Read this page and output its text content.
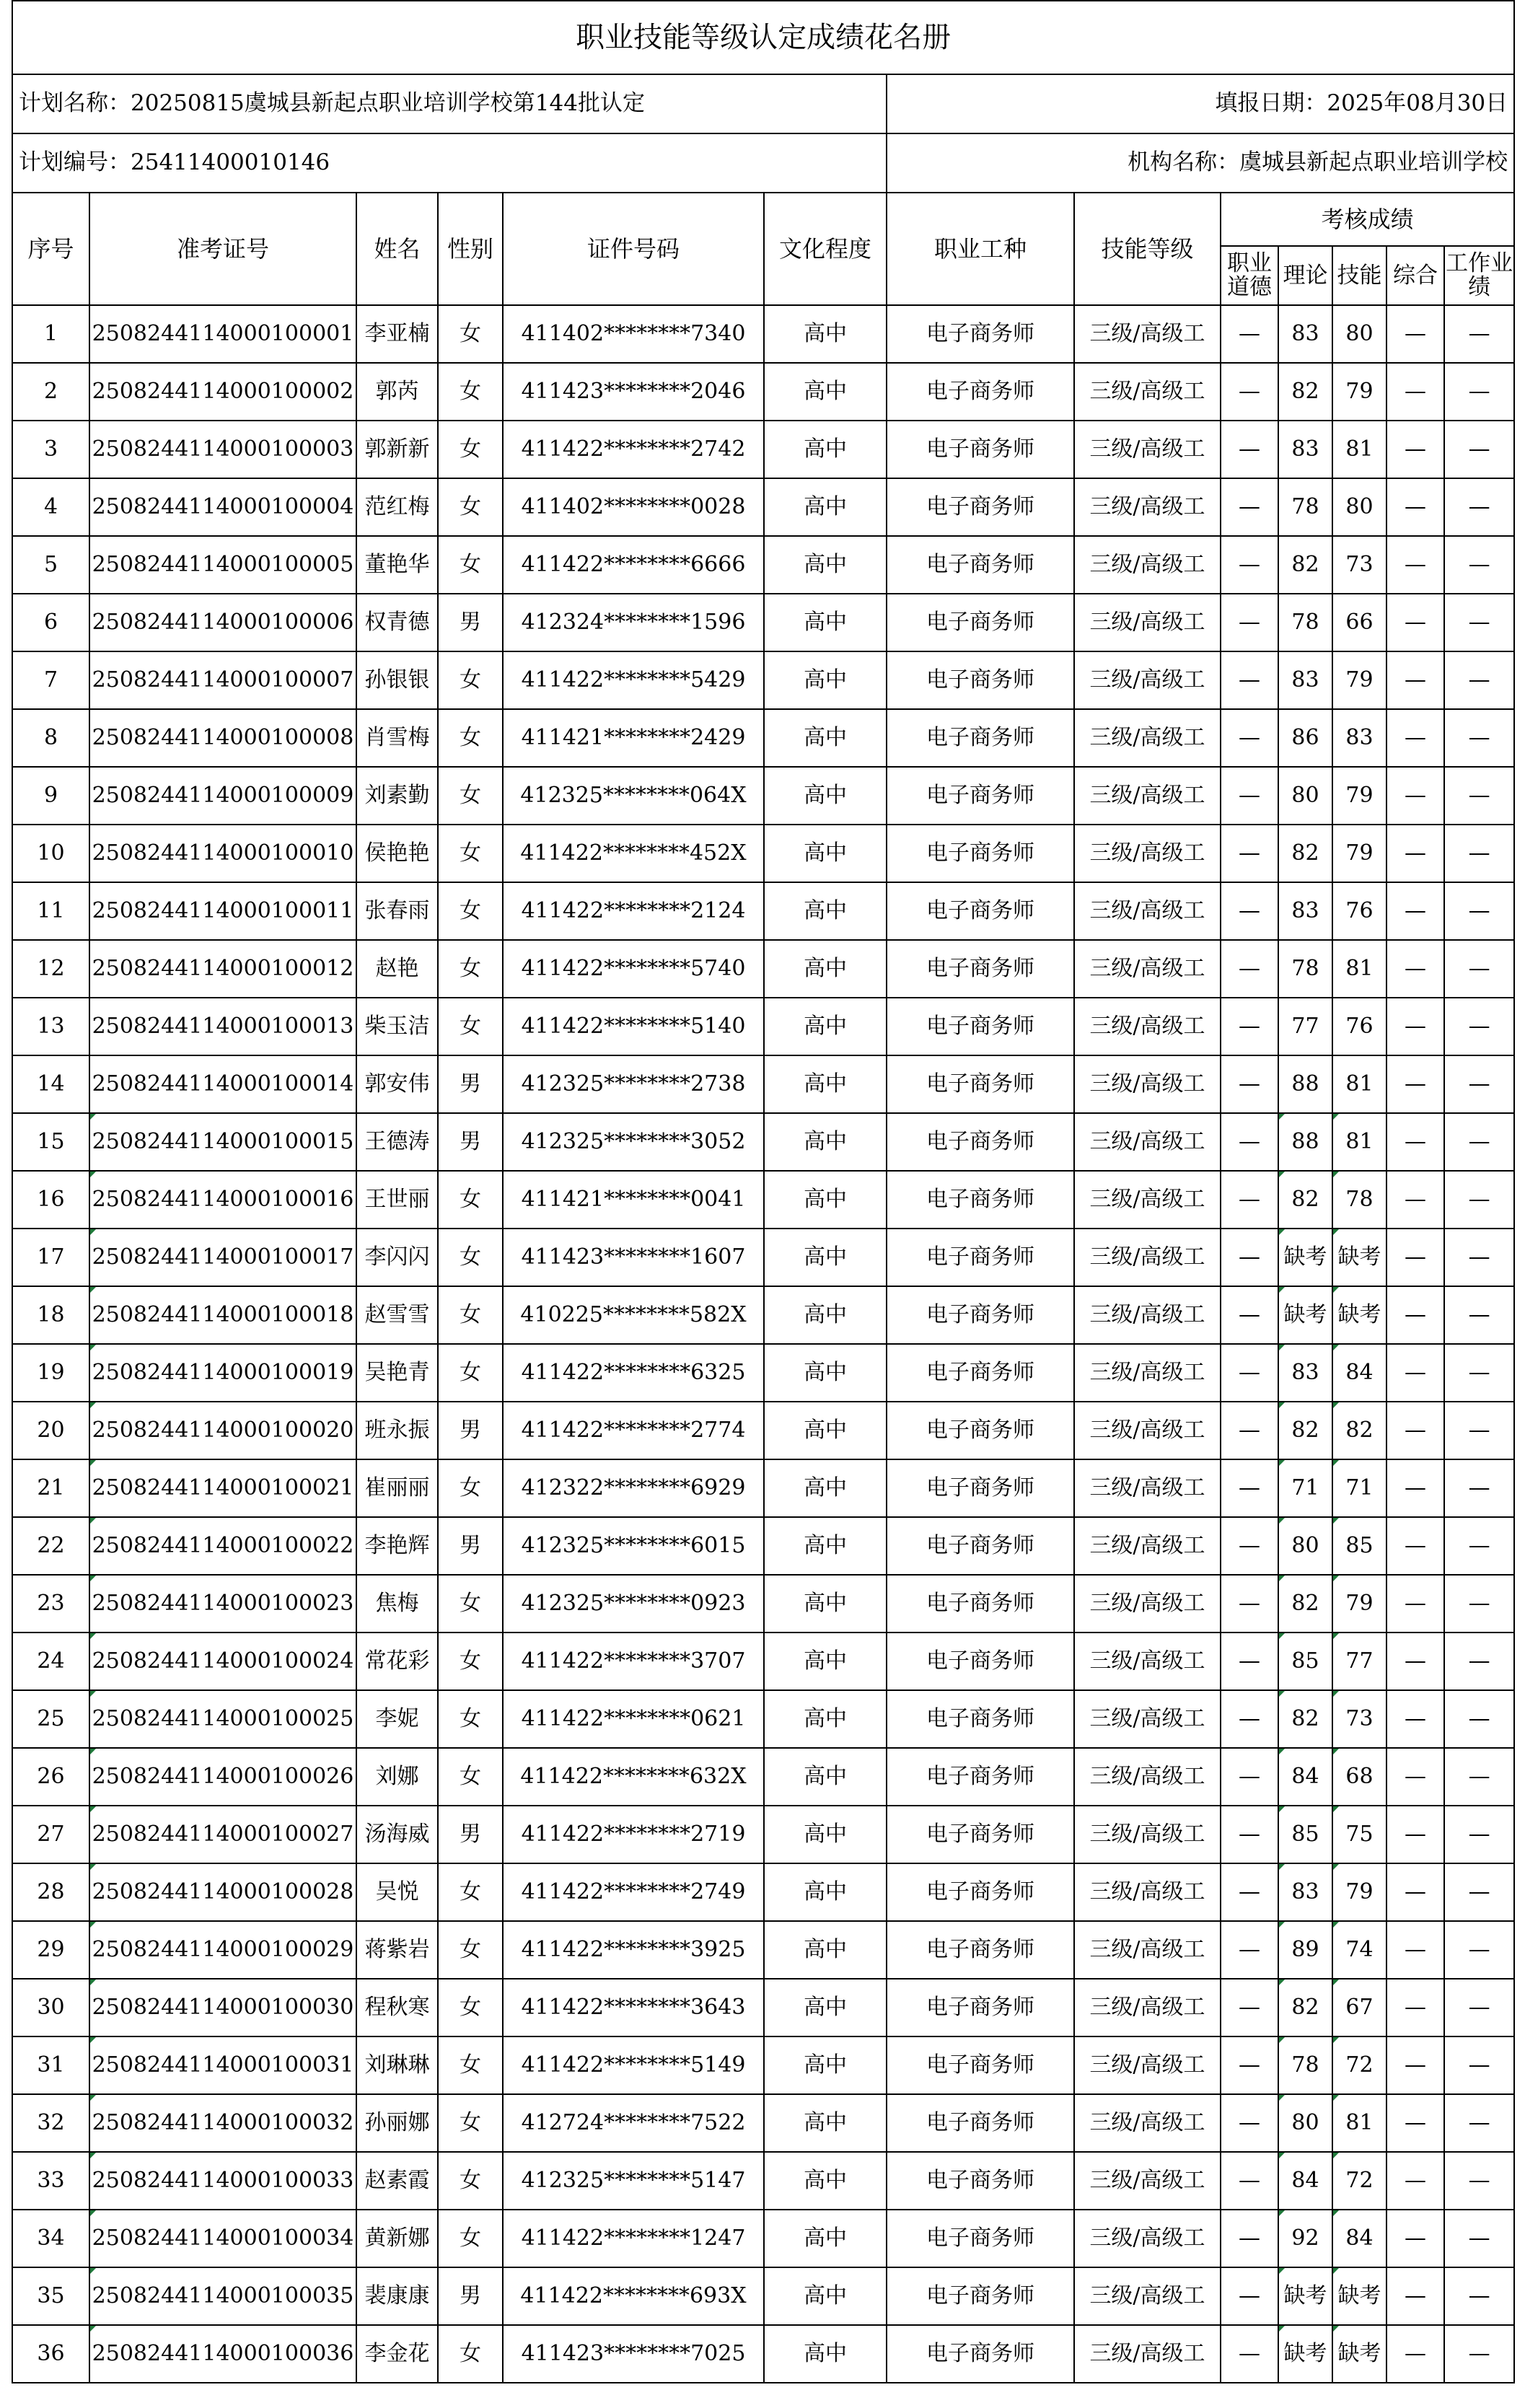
职业技能等级认定成绩花名册												
计划名称：20250815虞城县新起点职业培训学校第144批认定						填报日期：2025年08月30日						
计划编号：25411400010146						机构名称：虞城县新起点职业培训学校						
序号	准考证号	姓名	性别	证件号码	文化程度	职业工种	技能等级	考核成绩				
								职业道德	理论	技能	综合	工作业绩
1	2508244114000100001	李亚楠	女	411402********7340	高中	电子商务师	三级/高级工	—	83	80	—	—
2	2508244114000100002	郭芮	女	411423********2046	高中	电子商务师	三级/高级工	—	82	79	—	—
3	2508244114000100003	郭新新	女	411422********2742	高中	电子商务师	三级/高级工	—	83	81	—	—
4	2508244114000100004	范红梅	女	411402********0028	高中	电子商务师	三级/高级工	—	78	80	—	—
5	2508244114000100005	董艳华	女	411422********6666	高中	电子商务师	三级/高级工	—	82	73	—	—
6	2508244114000100006	权青德	男	412324********1596	高中	电子商务师	三级/高级工	—	78	66	—	—
7	2508244114000100007	孙银银	女	411422********5429	高中	电子商务师	三级/高级工	—	83	79	—	—
8	2508244114000100008	肖雪梅	女	411421********2429	高中	电子商务师	三级/高级工	—	86	83	—	—
9	2508244114000100009	刘素勤	女	412325********064X	高中	电子商务师	三级/高级工	—	80	79	—	—
10	2508244114000100010	侯艳艳	女	411422********452X	高中	电子商务师	三级/高级工	—	82	79	—	—
11	2508244114000100011	张春雨	女	411422********2124	高中	电子商务师	三级/高级工	—	83	76	—	—
12	2508244114000100012	赵艳	女	411422********5740	高中	电子商务师	三级/高级工	—	78	81	—	—
13	2508244114000100013	柴玉洁	女	411422********5140	高中	电子商务师	三级/高级工	—	77	76	—	—
14	2508244114000100014	郭安伟	男	412325********2738	高中	电子商务师	三级/高级工	—	88	81	—	—
15	2508244114000100015	王德涛	男	412325********3052	高中	电子商务师	三级/高级工	—	88	81	—	—
16	2508244114000100016	王世丽	女	411421********0041	高中	电子商务师	三级/高级工	—	82	78	—	—
17	2508244114000100017	李闪闪	女	411423********1607	高中	电子商务师	三级/高级工	—	缺考	缺考	—	—
18	2508244114000100018	赵雪雪	女	410225********582X	高中	电子商务师	三级/高级工	—	缺考	缺考	—	—
19	2508244114000100019	吴艳青	女	411422********6325	高中	电子商务师	三级/高级工	—	83	84	—	—
20	2508244114000100020	班永振	男	411422********2774	高中	电子商务师	三级/高级工	—	82	82	—	—
21	2508244114000100021	崔丽丽	女	412322********6929	高中	电子商务师	三级/高级工	—	71	71	—	—
22	2508244114000100022	李艳辉	男	412325********6015	高中	电子商务师	三级/高级工	—	80	85	—	—
23	2508244114000100023	焦梅	女	412325********0923	高中	电子商务师	三级/高级工	—	82	79	—	—
24	2508244114000100024	常花彩	女	411422********3707	高中	电子商务师	三级/高级工	—	85	77	—	—
25	2508244114000100025	李妮	女	411422********0621	高中	电子商务师	三级/高级工	—	82	73	—	—
26	2508244114000100026	刘娜	女	411422********632X	高中	电子商务师	三级/高级工	—	84	68	—	—
27	2508244114000100027	汤海威	男	411422********2719	高中	电子商务师	三级/高级工	—	85	75	—	—
28	2508244114000100028	吴悦	女	411422********2749	高中	电子商务师	三级/高级工	—	83	79	—	—
29	2508244114000100029	蒋紫岩	女	411422********3925	高中	电子商务师	三级/高级工	—	89	74	—	—
30	2508244114000100030	程秋寒	女	411422********3643	高中	电子商务师	三级/高级工	—	82	67	—	—
31	2508244114000100031	刘琳琳	女	411422********5149	高中	电子商务师	三级/高级工	—	78	72	—	—
32	2508244114000100032	孙丽娜	女	412724********7522	高中	电子商务师	三级/高级工	—	80	81	—	—
33	2508244114000100033	赵素霞	女	412325********5147	高中	电子商务师	三级/高级工	—	84	72	—	—
34	2508244114000100034	黄新娜	女	411422********1247	高中	电子商务师	三级/高级工	—	92	84	—	—
35	2508244114000100035	裴康康	男	411422********693X	高中	电子商务师	三级/高级工	—	缺考	缺考	—	—
36	2508244114000100036	李金花	女	411423********7025	高中	电子商务师	三级/高级工	—	缺考	缺考	—	—
